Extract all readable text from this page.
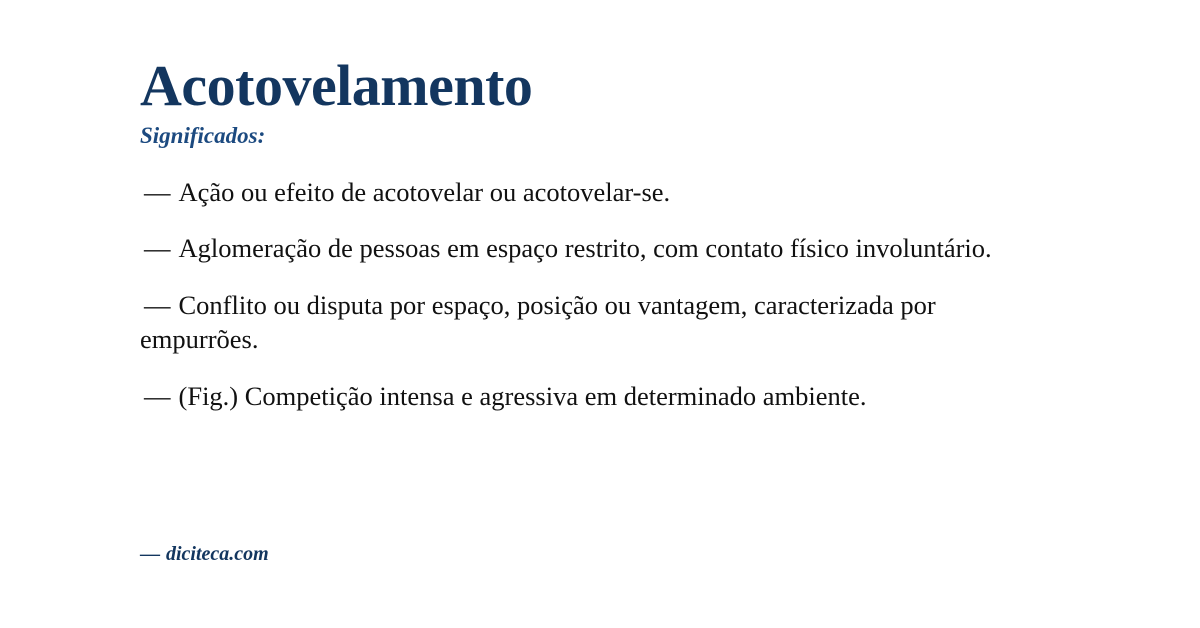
Acotovelamento
Significados:
— Ação ou efeito de acotovelar ou acotovelar-se.
— Aglomeração de pessoas em espaço restrito, com contato físico involuntário.
— Conflito ou disputa por espaço, posição ou vantagem, caracterizada por empurrões.
— (Fig.) Competição intensa e agressiva em determinado ambiente.
— diciteca.com
